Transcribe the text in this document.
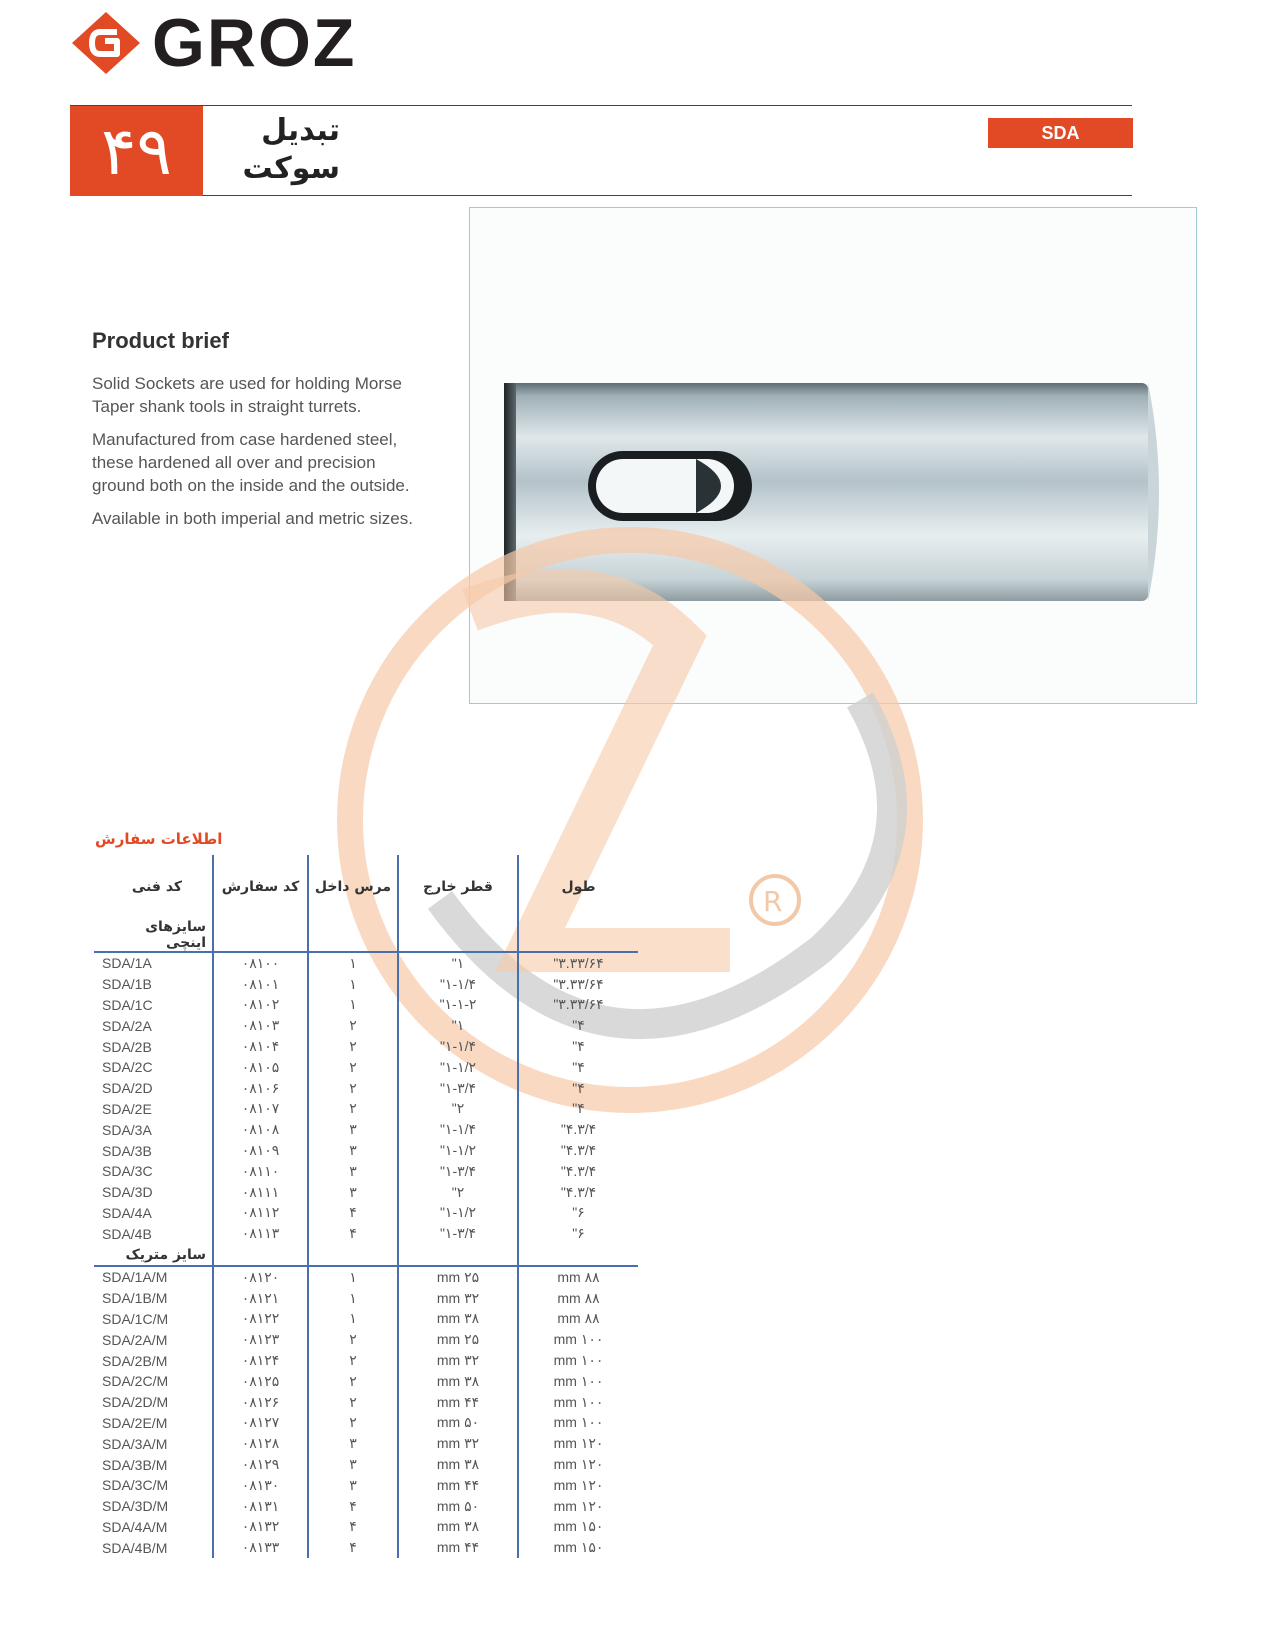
GROZ
۴۹	تبدیل
سوکت
SDA
R
Product brief

Solid Sockets are used for holding Morse Taper shank tools in straight turrets.

Manufactured from case hardened steel, these hardened all over and precision ground both on the inside and the outside.

Available in both imperial and metric sizes.

اطلاعات سفارش
کد فنی	کد سفارش	مرس داخل	قطر خارج	طول
سایزهای اینچی				
SDA/1A	۰۸۱۰۰	۱	"۱	"۳.۳۳/۶۴
SDA/1B	۰۸۱۰۱	۱	"۱-۱/۴	"۳.۳۳/۶۴
SDA/1C	۰۸۱۰۲	۱	"۱-۱-۲	"۳.۳۳/۶۴
SDA/2A	۰۸۱۰۳	۲	"۱	"۴
SDA/2B	۰۸۱۰۴	۲	"۱-۱/۴	"۴
SDA/2C	۰۸۱۰۵	۲	"۱-۱/۲	"۴
SDA/2D	۰۸۱۰۶	۲	"۱-۳/۴	"۴
SDA/2E	۰۸۱۰۷	۲	"۲	"۴
SDA/3A	۰۸۱۰۸	۳	"۱-۱/۴	"۴.۳/۴
SDA/3B	۰۸۱۰۹	۳	"۱-۱/۲	"۴.۳/۴
SDA/3C	۰۸۱۱۰	۳	"۱-۳/۴	"۴.۳/۴
SDA/3D	۰۸۱۱۱	۳	"۲	"۴.۳/۴
SDA/4A	۰۸۱۱۲	۴	"۱-۱/۲	"۶
SDA/4B	۰۸۱۱۳	۴	"۱-۳/۴	"۶
سایز متریک				
SDA/1A/M	۰۸۱۲۰	۱	mm ۲۵	mm ۸۸
SDA/1B/M	۰۸۱۲۱	۱	mm ۳۲	mm ۸۸
SDA/1C/M	۰۸۱۲۲	۱	mm ۳۸	mm ۸۸
SDA/2A/M	۰۸۱۲۳	۲	mm ۲۵	mm ۱۰۰
SDA/2B/M	۰۸۱۲۴	۲	mm ۳۲	mm ۱۰۰
SDA/2C/M	۰۸۱۲۵	۲	mm ۳۸	mm ۱۰۰
SDA/2D/M	۰۸۱۲۶	۲	mm ۴۴	mm ۱۰۰
SDA/2E/M	۰۸۱۲۷	۲	mm ۵۰	mm ۱۰۰
SDA/3A/M	۰۸۱۲۸	۳	mm ۳۲	mm ۱۲۰
SDA/3B/M	۰۸۱۲۹	۳	mm ۳۸	mm ۱۲۰
SDA/3C/M	۰۸۱۳۰	۳	mm ۴۴	mm ۱۲۰
SDA/3D/M	۰۸۱۳۱	۴	mm ۵۰	mm ۱۲۰
SDA/4A/M	۰۸۱۳۲	۴	mm ۳۸	mm ۱۵۰
SDA/4B/M	۰۸۱۳۳	۴	mm ۴۴	mm ۱۵۰
